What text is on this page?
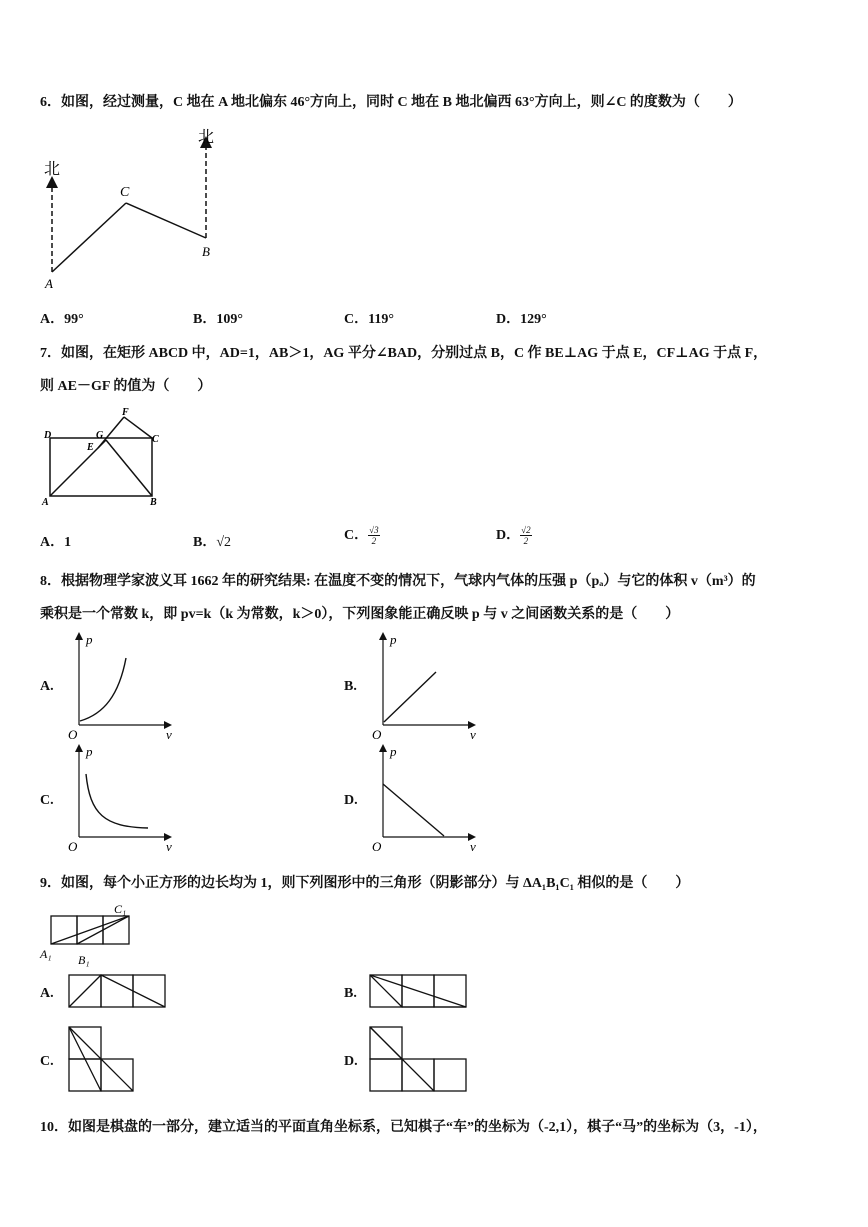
6．如图，经过测量，C 地在 A 地北偏东 46°方向上，同时 C 地在 B 地北偏西 63°方向上，则∠C 的度数为（　　）
北
北
C
A
B
A．99°	B．109°	C．119°	D．129°
7．如图，在矩形 ABCD 中，AD=1，AB＞1，AG 平分∠BAD，分别过点 B，C 作 BE⊥AG 于点 E，CF⊥AG 于点 F，
则 AE－GF 的值为（　　）
D	G
F
C
E
A	B
A．1	B．√2	C． $\frac{√3}{2}$	D． $\frac{√2}{2}$
8．根据物理学家波义耳 1662 年的研究结果: 在温度不变的情况下，气球内气体的压强 p（pₐ）与它的体积 v（m³）的
乘积是一个常数 k，即 pv=k（k 为常数，k＞0），下列图象能正确反映 p 与 v 之间函数关系的是（　　）
A.
p
O	v
B.
p
O	v
C.
p
O	v
D.
p
O	v
9．如图，每个小正方形的边长均为 1，则下列图形中的三角形（阴影部分）与 ΔA₁B₁C₁ 相似的是（　　）
C₁
A₁ B₁
A.	B.
C.	D.
10．如图是棋盘的一部分，建立适当的平面直角坐标系，已知棋子“车”的坐标为（-2,1），棋子“马”的坐标为（3，-1），
